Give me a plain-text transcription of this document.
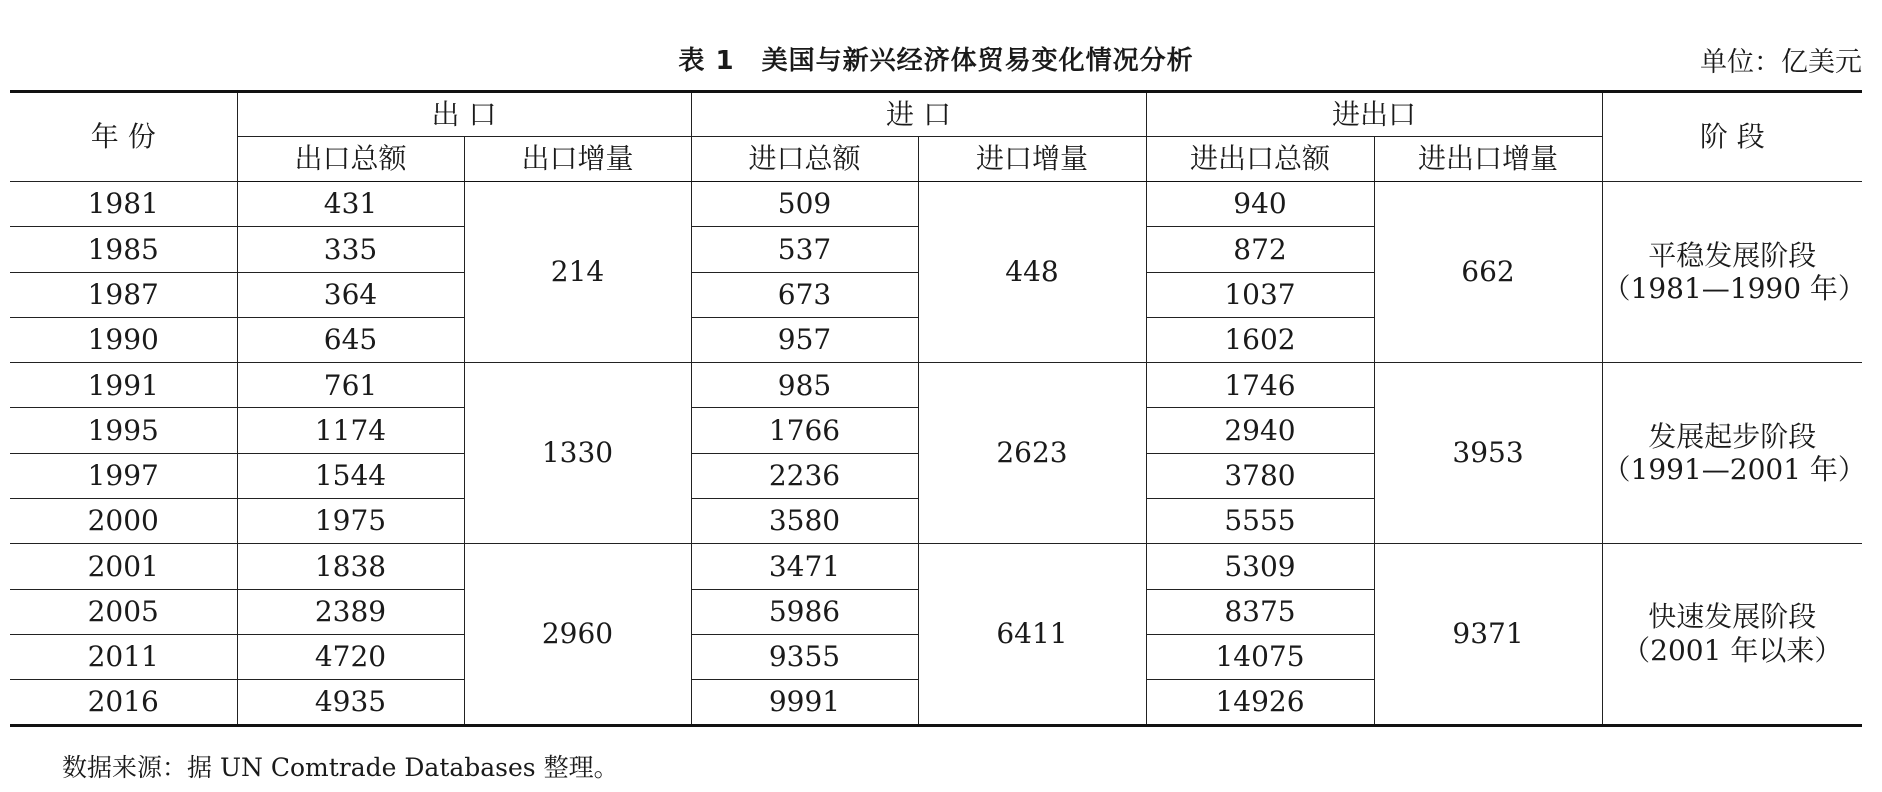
表 1　美国与新兴经济体贸易变化情况分析	单位：亿美元
年 份	出 口		进 口		进出口		阶 段
	出口总额	出口增量	进口总额	进口增量	进出口总额	进出口增量	
1981	431	214	509	448	940	662	平稳发展阶段
（1981—1990 年）

1985	335		537		872		
1987	364		673		1037		
1990	645		957		1602		
1991	761	1330	985	2623	1746	3953	发展起步阶段
（1991—2001 年）

1995	1174		1766		2940		
1997	1544		2236		3780		
2000	1975		3580		5555		
2001	1838	2960	3471	6411	5309	9371	快速发展阶段
（2001 年以来）

2005	2389		5986		8375		
2011	4720		9355		14075		
2016	4935		9991		14926		
数据来源：据 UN Comtrade Databases 整理。
